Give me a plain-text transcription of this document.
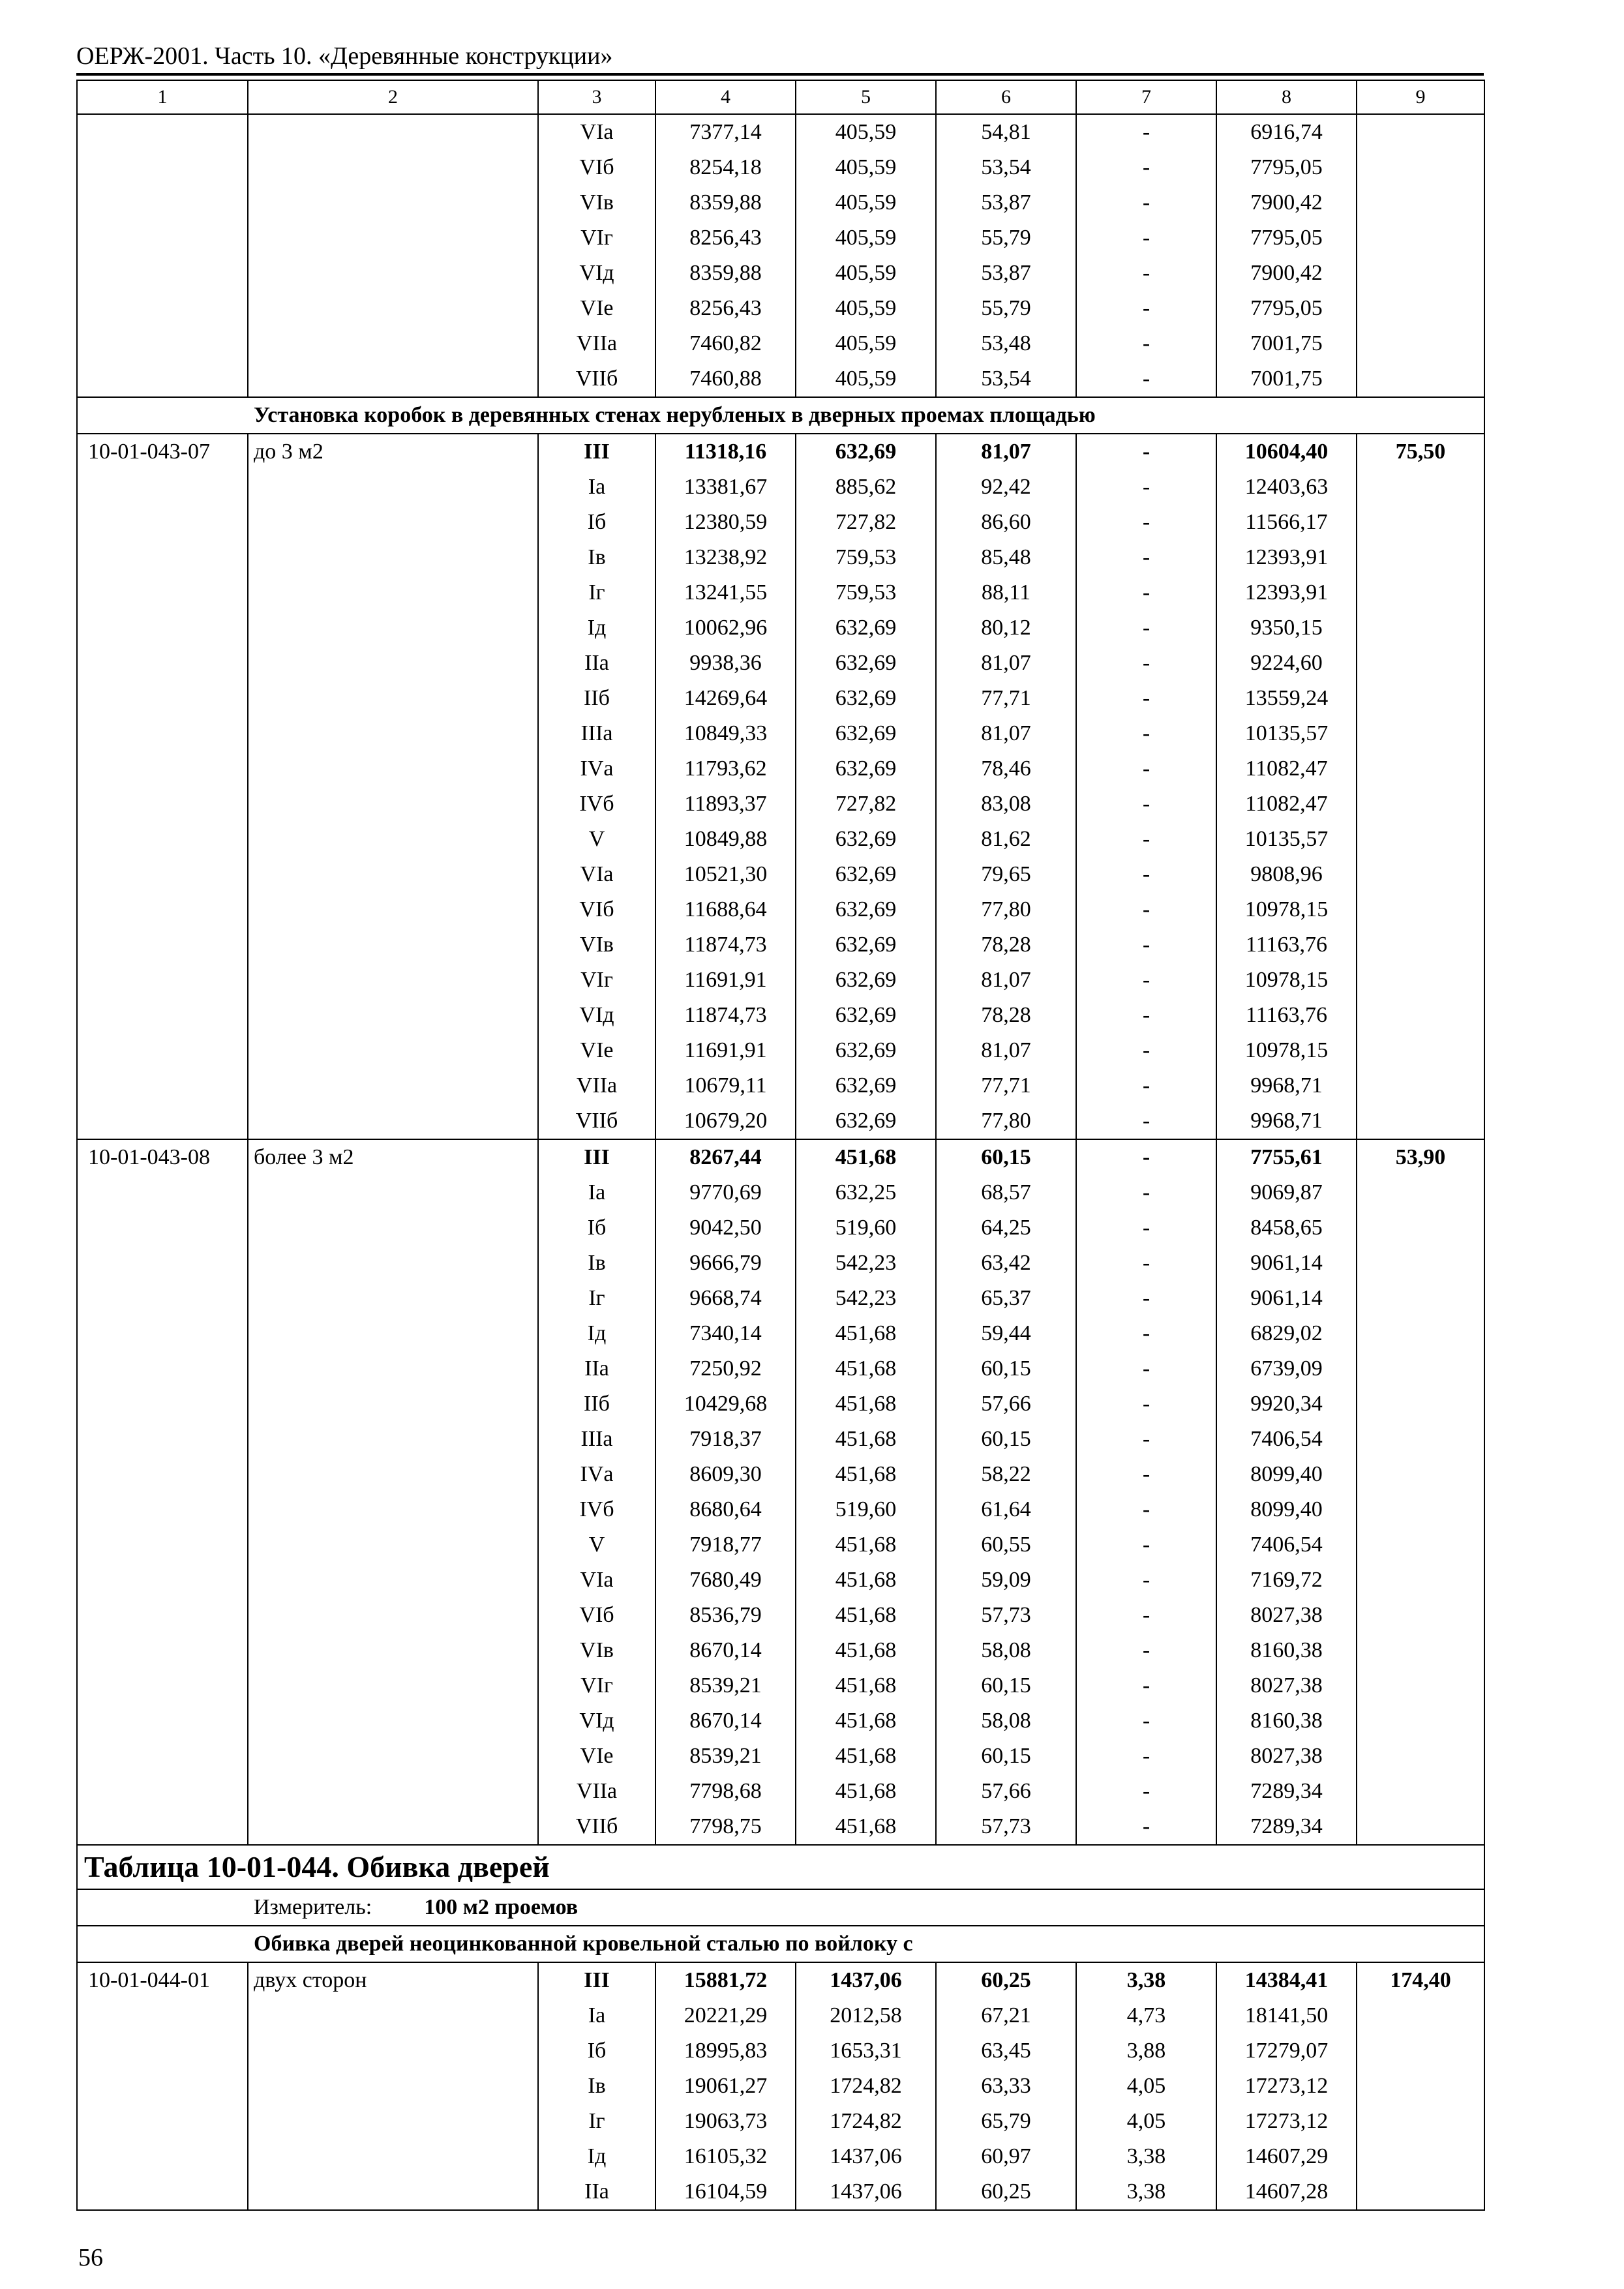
ОЕРЖ-2001. Часть 10. «Деревянные конструкции»
1	2	3	4	5	6	7	8	9
		VIа	7377,14	405,59	54,81	-	6916,74	
		VIб	8254,18	405,59	53,54	-	7795,05	
		VIв	8359,88	405,59	53,87	-	7900,42	
		VIг	8256,43	405,59	55,79	-	7795,05	
		VIд	8359,88	405,59	53,87	-	7900,42	
		VIе	8256,43	405,59	55,79	-	7795,05	
		VIIа	7460,82	405,59	53,48	-	7001,75	
		VIIб	7460,88	405,59	53,54	-	7001,75	
Установка коробок в деревянных стенах нерубленых в дверных проемах площадью								
10-01-043-07	до 3 м2	III	11318,16	632,69	81,07	-	10604,40	75,50
		Iа	13381,67	885,62	92,42	-	12403,63	
		Iб	12380,59	727,82	86,60	-	11566,17	
		Iв	13238,92	759,53	85,48	-	12393,91	
		Iг	13241,55	759,53	88,11	-	12393,91	
		Iд	10062,96	632,69	80,12	-	9350,15	
		IIа	9938,36	632,69	81,07	-	9224,60	
		IIб	14269,64	632,69	77,71	-	13559,24	
		IIIа	10849,33	632,69	81,07	-	10135,57	
		IVа	11793,62	632,69	78,46	-	11082,47	
		IVб	11893,37	727,82	83,08	-	11082,47	
		V	10849,88	632,69	81,62	-	10135,57	
		VIа	10521,30	632,69	79,65	-	9808,96	
		VIб	11688,64	632,69	77,80	-	10978,15	
		VIв	11874,73	632,69	78,28	-	11163,76	
		VIг	11691,91	632,69	81,07	-	10978,15	
		VIд	11874,73	632,69	78,28	-	11163,76	
		VIе	11691,91	632,69	81,07	-	10978,15	
		VIIа	10679,11	632,69	77,71	-	9968,71	
		VIIб	10679,20	632,69	77,80	-	9968,71	
10-01-043-08	более 3 м2	III	8267,44	451,68	60,15	-	7755,61	53,90
		Iа	9770,69	632,25	68,57	-	9069,87	
		Iб	9042,50	519,60	64,25	-	8458,65	
		Iв	9666,79	542,23	63,42	-	9061,14	
		Iг	9668,74	542,23	65,37	-	9061,14	
		Iд	7340,14	451,68	59,44	-	6829,02	
		IIа	7250,92	451,68	60,15	-	6739,09	
		IIб	10429,68	451,68	57,66	-	9920,34	
		IIIа	7918,37	451,68	60,15	-	7406,54	
		IVа	8609,30	451,68	58,22	-	8099,40	
		IVб	8680,64	519,60	61,64	-	8099,40	
		V	7918,77	451,68	60,55	-	7406,54	
		VIа	7680,49	451,68	59,09	-	7169,72	
		VIб	8536,79	451,68	57,73	-	8027,38	
		VIв	8670,14	451,68	58,08	-	8160,38	
		VIг	8539,21	451,68	60,15	-	8027,38	
		VIд	8670,14	451,68	58,08	-	8160,38	
		VIе	8539,21	451,68	60,15	-	8027,38	
		VIIа	7798,68	451,68	57,66	-	7289,34	
		VIIб	7798,75	451,68	57,73	-	7289,34	
Таблица 10-01-044. Обивка дверей								
Измеритель: 100 м2 проемов								
Обивка дверей неоцинкованной кровельной сталью по войлоку с								
10-01-044-01	двух сторон	III	15881,72	1437,06	60,25	3,38	14384,41	174,40
		Iа	20221,29	2012,58	67,21	4,73	18141,50	
		Iб	18995,83	1653,31	63,45	3,88	17279,07	
		Iв	19061,27	1724,82	63,33	4,05	17273,12	
		Iг	19063,73	1724,82	65,79	4,05	17273,12	
		Iд	16105,32	1437,06	60,97	3,38	14607,29	
		IIа	16104,59	1437,06	60,25	3,38	14607,28	
56
